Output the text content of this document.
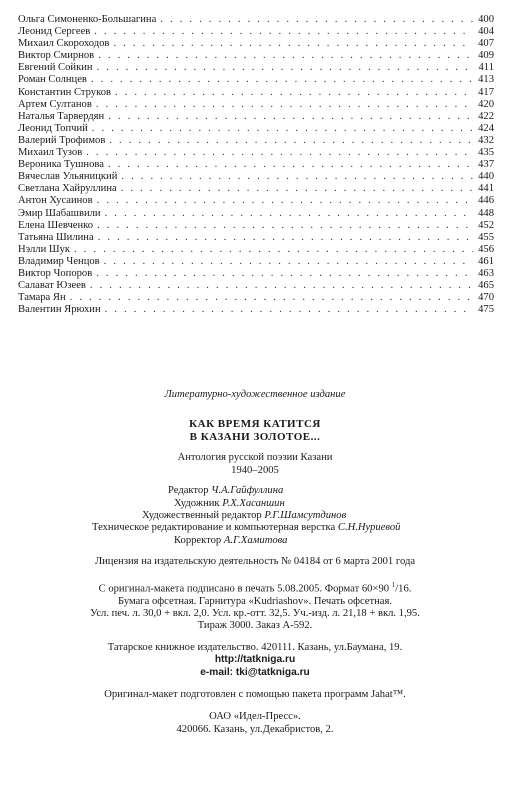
Ольга Симоненко-Большагина . . .	400
Леонид Сергеев . . .	404
Михаил Скороходов . . .	407
Виктор Смирнов . . .	409
Евгений Сойкин . . .	411
Роман Солнцев . . .	413
Константин Струков . . .	417
Артем Султанов . . .	420
Наталья Тарвердян . . .	422
Леонид Топчий . . .	424
Валерий Трофимов . . .	432
Михаил Тузов . . .	435
Вероника Тушнова . . .	437
Вячеслав Ульяницкий . . .	440
Светлана Хайруллина . . .	441
Антон Хусаинов . . .	446
Эмир Шабашвили . . .	448
Елена Шевченко . . .	452
Татьяна Шилина . . .	455
Нэлли Шук . . .	456
Владимир Ченцов . . .	461
Виктор Чопоров . . .	463
Салават Юзеев . . .	465
Тамара Ян . . .	470
Валентин Ярюхин . . .	475
Литературно-художественное издание
КАК ВРЕМЯ КАТИТСЯ
В КАЗАНИ ЗОЛОТОЕ...
Антология русской поэзии Казани
1940–2005
Редактор Ч.А.Гайфуллина
Художник Р.Х.Хасаншин
Художественный редактор Р.Г.Шамсутдинов
Техническое редактирование и компьютерная верстка С.Н.Нуриевой
Корректор А.Г.Хамитова
Лицензия на издательскую деятельность № 04184 от 6 марта 2001 года
С оригинал-макета подписано в печать 5.08.2005. Формат 60×90 $^1$/16.
Бумага офсетная. Гарнитура «Kudriashov». Печать офсетная.
Усл. печ. л. 30,0 + вкл. 2,0. Усл. кр.-отт. 32,5. Уч.-изд. л. 21,18 + вкл. 1,95.
Тираж 3000. Заказ А-592.
Татарское книжное издательство. 420111. Казань, ул.Бауманa, 19.
http://tatkniga.ru
e-mail: tki@tatkniga.ru
Оригинал-макет подготовлен с помощью пакета программ Jahat™.
ОАО «Идел-Пресс».
420066. Казань, ул.Декабристов, 2.
